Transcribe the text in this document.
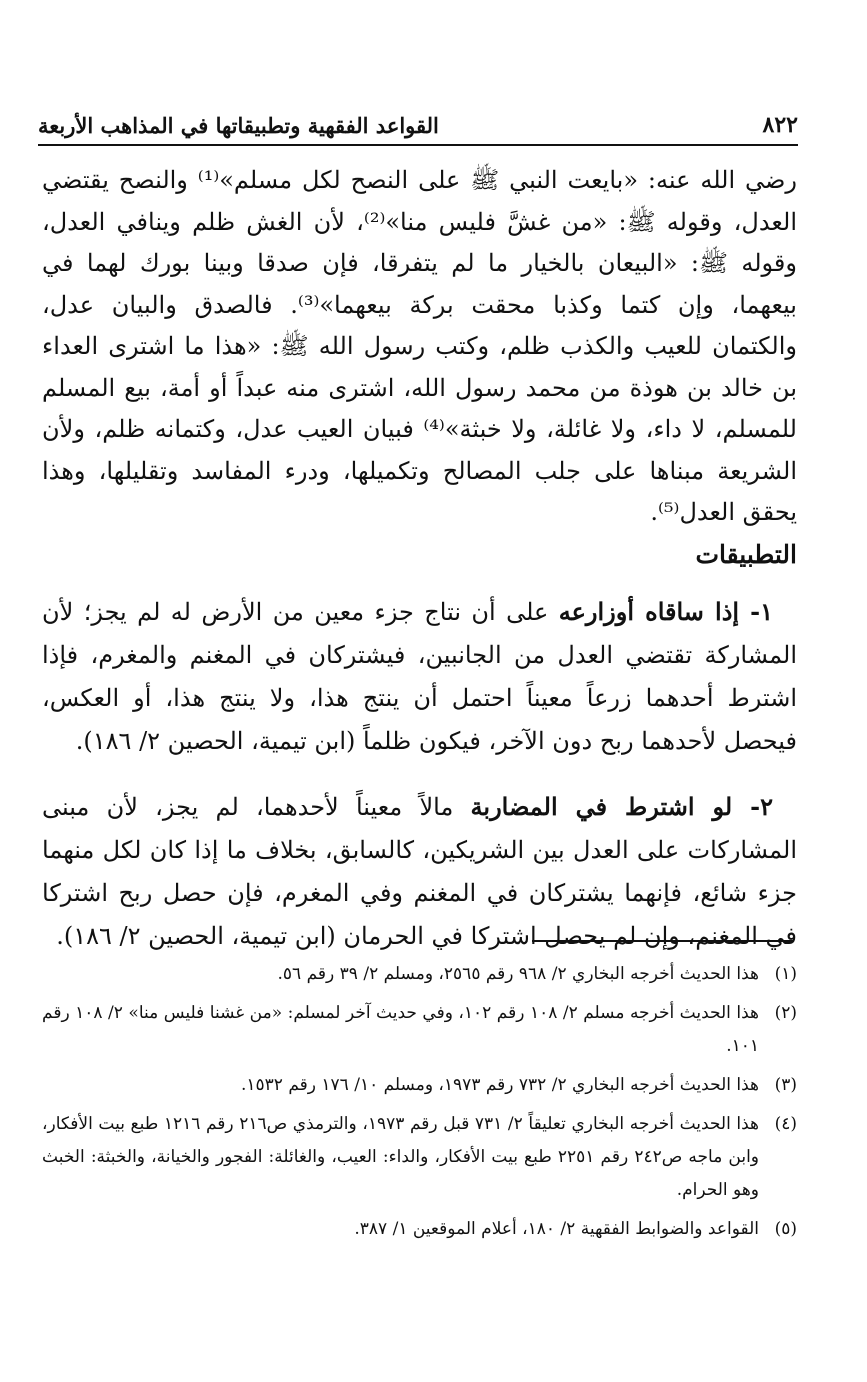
٨٢٢
القواعد الفقهية وتطبيقاتها في المذاهب الأربعة

رضي الله عنه: «بايعت النبي ﷺ على النصح لكل مسلم»⁽¹⁾ والنصح يقتضي العدل، وقوله ﷺ: «من غشَّ فليس منا»⁽²⁾، لأن الغش ظلم وينافي العدل، وقوله ﷺ: «البيعان بالخيار ما لم يتفرقا، فإن صدقا وبينا بورك لهما في بيعهما، وإن كتما وكذبا محقت بركة بيعهما»⁽³⁾. فالصدق والبيان عدل، والكتمان للعيب والكذب ظلم، وكتب رسول الله ﷺ: «هذا ما اشترى العداء بن خالد بن هوذة من محمد رسول الله، اشترى منه عبداً أو أمة، بيع المسلم للمسلم، لا داء، ولا غائلة، ولا خبثة»⁽⁴⁾ فبيان العيب عدل، وكتمانه ظلم، ولأن الشريعة مبناها على جلب المصالح وتكميلها، ودرء المفاسد وتقليلها، وهذا يحقق العدل⁽⁵⁾.

التطبيقات

١- إذا ساقاه أوزارعه على أن نتاج جزء معين من الأرض له لم يجز؛ لأن المشاركة تقتضي العدل من الجانبين، فيشتركان في المغنم والمغرم، فإذا اشترط أحدهما زرعاً معيناً احتمل أن ينتج هذا، ولا ينتج هذا، أو العكس، فيحصل لأحدهما ربح دون الآخر، فيكون ظلماً (ابن تيمية، الحصين ٢/ ١٨٦).

٢- لو اشترط في المضاربة مالاً معيناً لأحدهما، لم يجز، لأن مبنى المشاركات على العدل بين الشريكين، كالسابق، بخلاف ما إذا كان لكل منهما جزء شائع، فإنهما يشتركان في المغنم وفي المغرم، فإن حصل ربح اشتركا في المغنم، وإن لم يحصل اشتركا في الحرمان (ابن تيمية، الحصين ٢/ ١٨٦).

(١)
هذا الحديث أخرجه البخاري ٢/ ٩٦٨ رقم ٢٥٦٥، ومسلم ٢/ ٣٩ رقم ٥٦.
(٢)
هذا الحديث أخرجه مسلم ٢/ ١٠٨ رقم ١٠٢، وفي حديث آخر لمسلم: «من غشنا فليس منا» ٢/ ١٠٨ رقم ١٠١.
(٣)
هذا الحديث أخرجه البخاري ٢/ ٧٣٢ رقم ١٩٧٣، ومسلم ١٠/ ١٧٦ رقم ١٥٣٢.
(٤)
هذا الحديث أخرجه البخاري تعليقاً ٢/ ٧٣١ قبل رقم ١٩٧٣، والترمذي ص٢١٦ رقم ١٢١٦ طبع بيت الأفكار، وابن ماجه ص٢٤٢ رقم ٢٢٥١ طبع بيت الأفكار، والداء: العيب، والغائلة: الفجور والخيانة، والخبثة: الخبث وهو الحرام.
(٥)
القواعد والضوابط الفقهية ٢/ ١٨٠، أعلام الموقعين ١/ ٣٨٧.
